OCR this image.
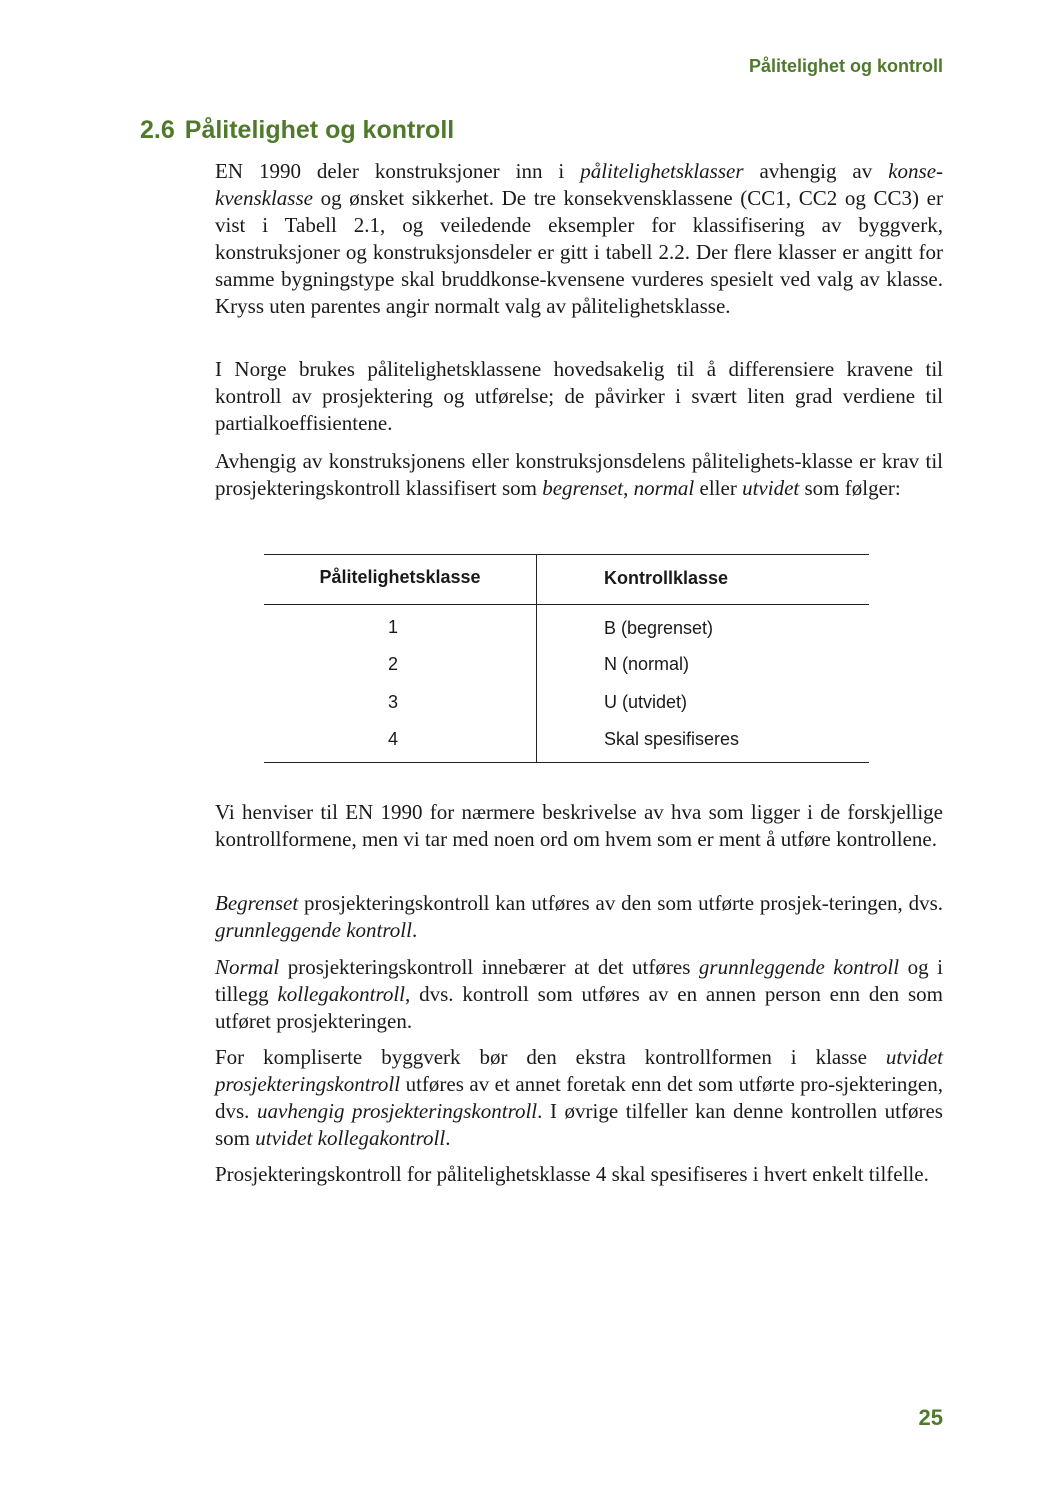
Pålitelighet og kontroll
2.6 Pålitelighet og kontroll

EN 1990 deler konstruksjoner inn i pålitelighetsklasser avhengig av konse-kvensklasse og ønsket sikkerhet. De tre konsekvensklassene (CC1, CC2 og CC3) er vist i Tabell 2.1, og veiledende eksempler for klassifisering av byggverk, konstruksjoner og konstruksjonsdeler er gitt i tabell 2.2. Der flere klasser er angitt for samme bygningstype skal bruddkonse-kvensene vurderes spesielt ved valg av klasse. Kryss uten parentes angir normalt valg av pålitelighetsklasse.

I Norge brukes pålitelighetsklassene hovedsakelig til å differensiere kravene til kontroll av prosjektering og utførelse; de påvirker i svært liten grad verdiene til partialkoeffisientene.

Avhengig av konstruksjonens eller konstruksjonsdelens pålitelighets-klasse er krav til prosjekteringskontroll klassifisert som begrenset, normal eller utvidet som følger:

Pålitelighetsklasse	Kontrollklasse
1	B (begrenset)
2	N (normal)
3	U (utvidet)
4	Skal spesifiseres

Vi henviser til EN 1990 for nærmere beskrivelse av hva som ligger i de forskjellige kontrollformene, men vi tar med noen ord om hvem som er ment å utføre kontrollene.

Begrenset prosjekteringskontroll kan utføres av den som utførte prosjek-teringen, dvs. grunnleggende kontroll.

Normal prosjekteringskontroll innebærer at det utføres grunnleggende kontroll og i tillegg kollegakontroll, dvs. kontroll som utføres av en annen person enn den som utføret prosjekteringen.

For kompliserte byggverk bør den ekstra kontrollformen i klasse utvidet prosjekteringskontroll utføres av et annet foretak enn det som utførte pro-sjekteringen, dvs. uavhengig prosjekteringskontroll. I øvrige tilfeller kan denne kontrollen utføres som utvidet kollegakontroll.

Prosjekteringskontroll for pålitelighetsklasse 4 skal spesifiseres i hvert enkelt tilfelle.

25
